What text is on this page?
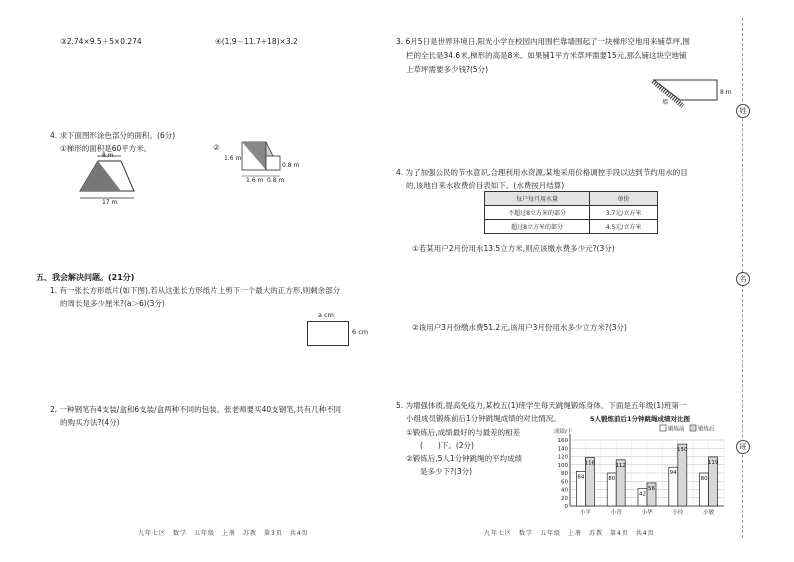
③2.74×9.5＋5×0.274	④(1.9－11.7÷18)×3.2
4. 求下面图形涂色部分的面积。(6分)
①梯形的面积是60平方米。	②
8 m
17 m
1.6 m
0.8 m
1.6 m 0.8 m
五、我会解决问题。(21分)
1. 有一张长方形纸片(如下图),若从这张长方形纸片上剪下一个最大的正方形,则剩余部分
的周长是多少厘米?(a＞6)(3分)
a cm
6 cm
2. 一种钢笔有4支装/盒和6支装/盒两种不同的包装。张老师要买40支钢笔,共有几种不同
的购买方法?(4分)
九年七区　数学　五年级　上册　苏教　第3页　共4页
3. 6月5日是世界环境日,阳光小学在校园内用围栏靠墙围起了一块梯形空地用来铺草坪,围
栏的全长是34.6米,梯形的高是8米。如果铺1平方米草坪需要15元,那么铺这块空地铺
上草坪需要多少钱?(5分)
墙
8 m
4. 为了加强公民的节水意识,合理利用水资源,某地采用价格调控手段以达到节约用水的目
的,该地自来水收费价目表如下。(水费按月结算)
每户每月用水量	单价
不超过8立方米的部分	3.7元/立方米
超过8立方米的部分	4.5元/立方米
①若某用户2月份用水13.5立方米,则应该缴水费多少元?(3分)
②该用户3月份缴水费51.2元,该用户3月份用水多少立方米?(3分)
5. 为增强体质,提高免疫力,某校五(1)班学生每天跳绳锻炼身体。下面是五年级(1)班第一
小组成员锻炼前后1分钟跳绳成绩的对比情况。	5人锻炼前后1分钟跳绳成绩对比图
①锻炼后,成绩最好的与最差的相差
(　　)下。(2分)
②锻炼后,5人1分钟跳绳的平均成绩
是多少下?(3分)
0
20
40
60
80
100
120
140
160
成绩/下	锻炼前 锻炼后
84
118
小平
80
112
小青
42
56
小华
94
150
小玲
80
119
小敏
九年七区　数学　五年级　上册　苏教　第4页　共4页
姓
名
班
